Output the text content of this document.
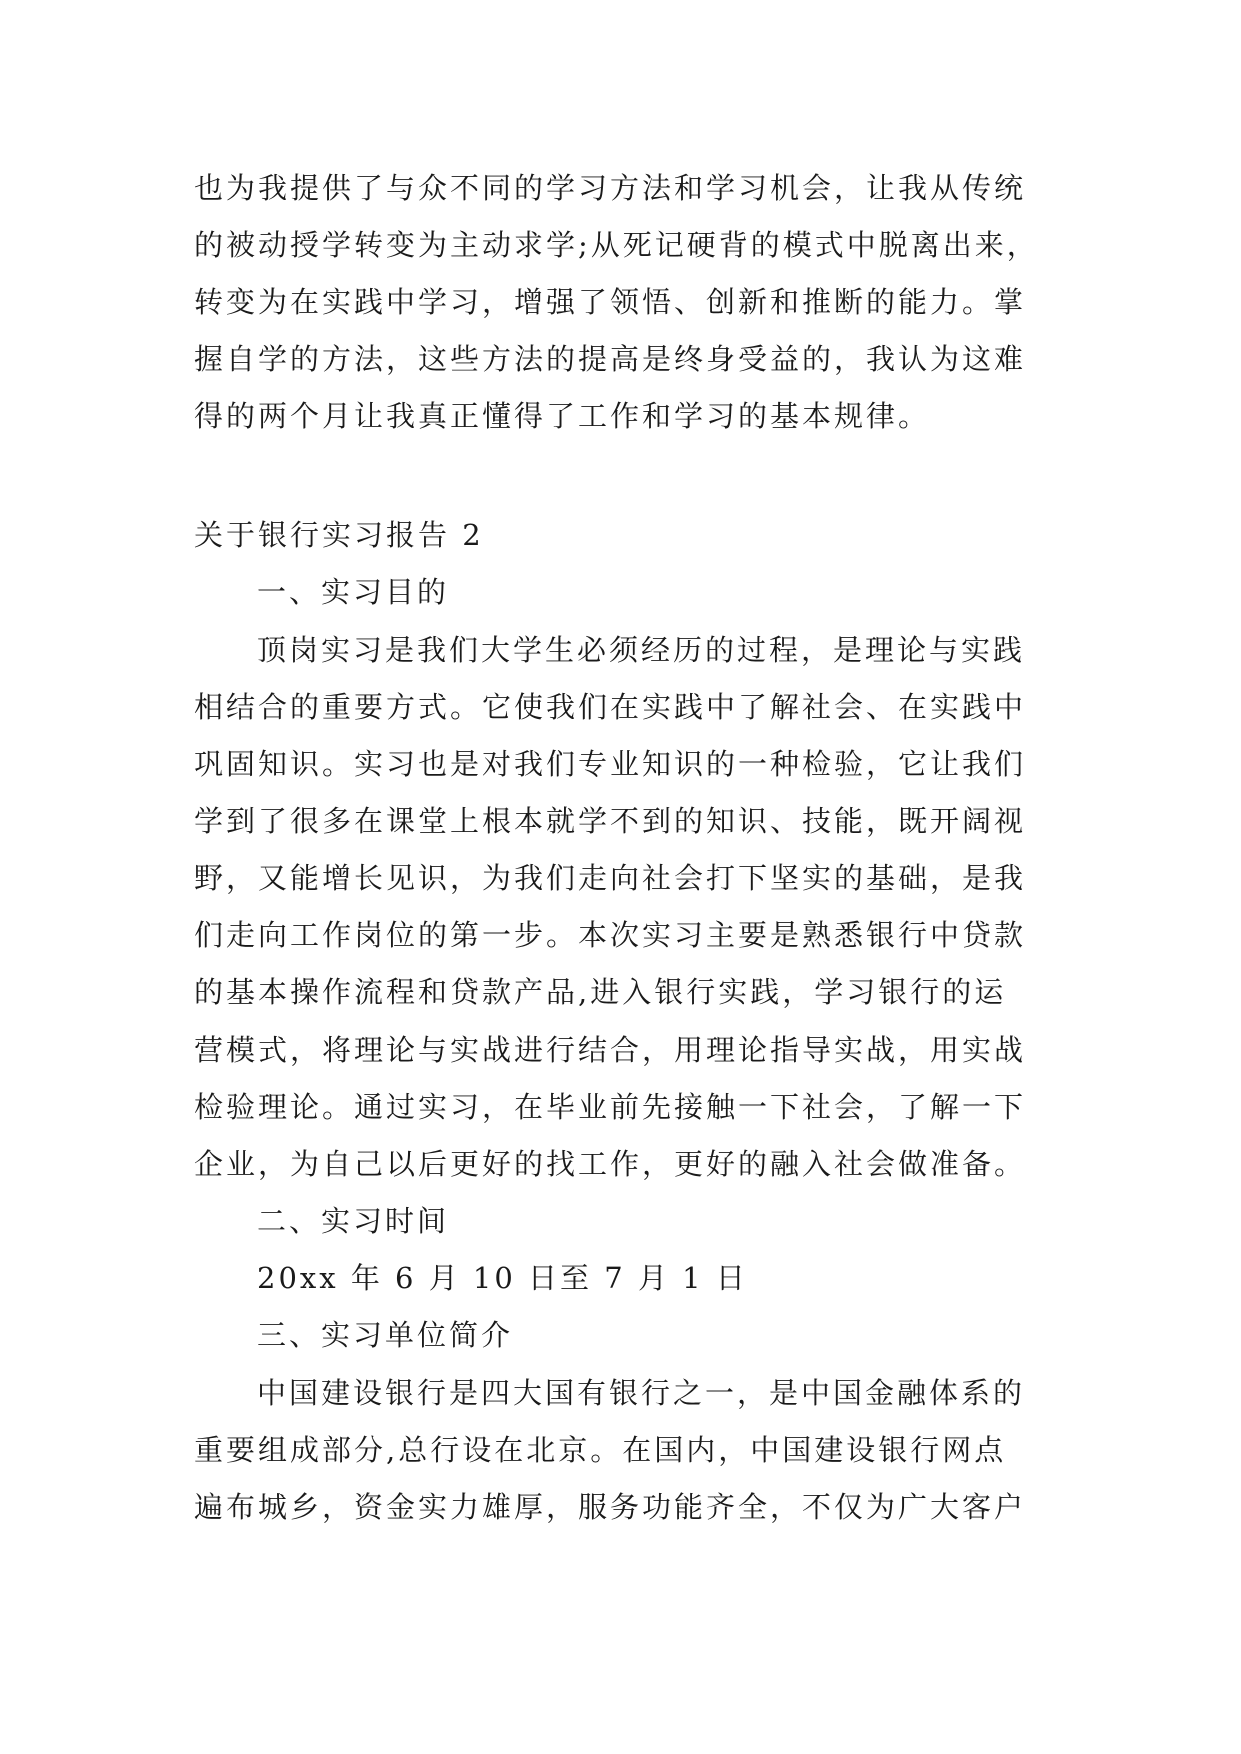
也为我提供了与众不同的学习方法和学习机会，让我从传统
的被动授学转变为主动求学;从死记硬背的模式中脱离出来，
转变为在实践中学习，增强了领悟、创新和推断的能力。掌
握自学的方法，这些方法的提高是终身受益的，我认为这难
得的两个月让我真正懂得了工作和学习的基本规律。
关于银行实习报告 2
一、实习目的
顶岗实习是我们大学生必须经历的过程，是理论与实践
相结合的重要方式。它使我们在实践中了解社会、在实践中
巩固知识。实习也是对我们专业知识的一种检验，它让我们
学到了很多在课堂上根本就学不到的知识、技能，既开阔视
野，又能增长见识，为我们走向社会打下坚实的基础，是我
们走向工作岗位的第一步。本次实习主要是熟悉银行中贷款
的基本操作流程和贷款产品,进入银行实践，学习银行的运
营模式，将理论与实战进行结合，用理论指导实战，用实战
检验理论。通过实习，在毕业前先接触一下社会，了解一下
企业，为自己以后更好的找工作，更好的融入社会做准备。
二、实习时间
20xx 年 6 月 10 日至 7 月 1 日
三、实习单位简介
中国建设银行是四大国有银行之一，是中国金融体系的
重要组成部分,总行设在北京。在国内，中国建设银行网点
遍布城乡，资金实力雄厚，服务功能齐全，不仅为广大客户
